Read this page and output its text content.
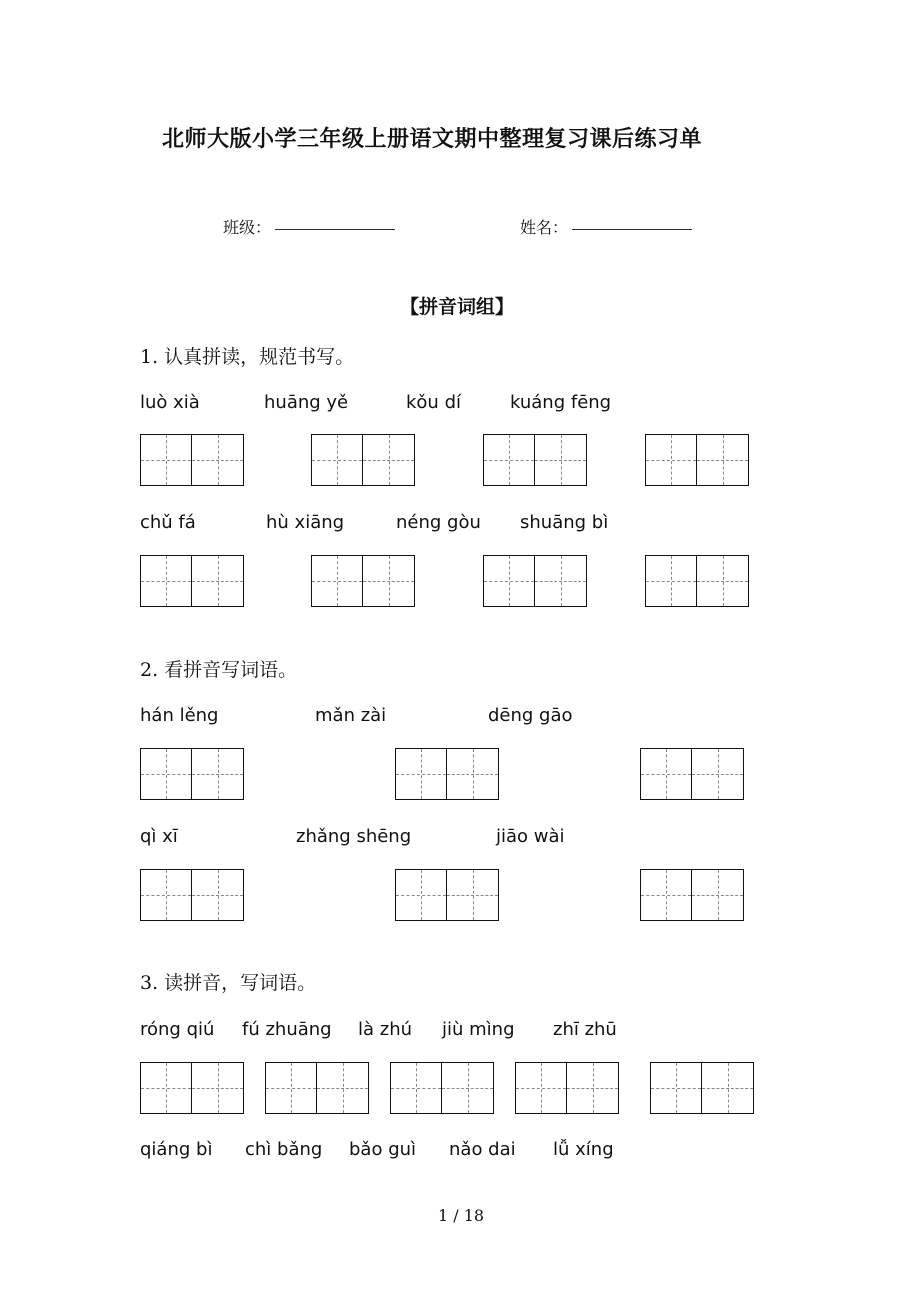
北师大版小学三年级上册语文期中整理复习课后练习单
班级：	姓名：
【拼音词组】
1. 认真拼读，规范书写。
luò xià	huāng yě	kǒu dí	kuáng fēng
chǔ fá	hù xiāng	néng gòu shuāng bì
2. 看拼音写词语。
hán lěng	mǎn zài	dēng gāo
qì xī	zhǎng shēng	jiāo wài
3. 读拼音，写词语。
róng qiú fú zhuāng là zhú jiù mìng zhī zhū
qiáng bì chì bǎng bǎo guì nǎo dai lǚ xíng
1 / 18
